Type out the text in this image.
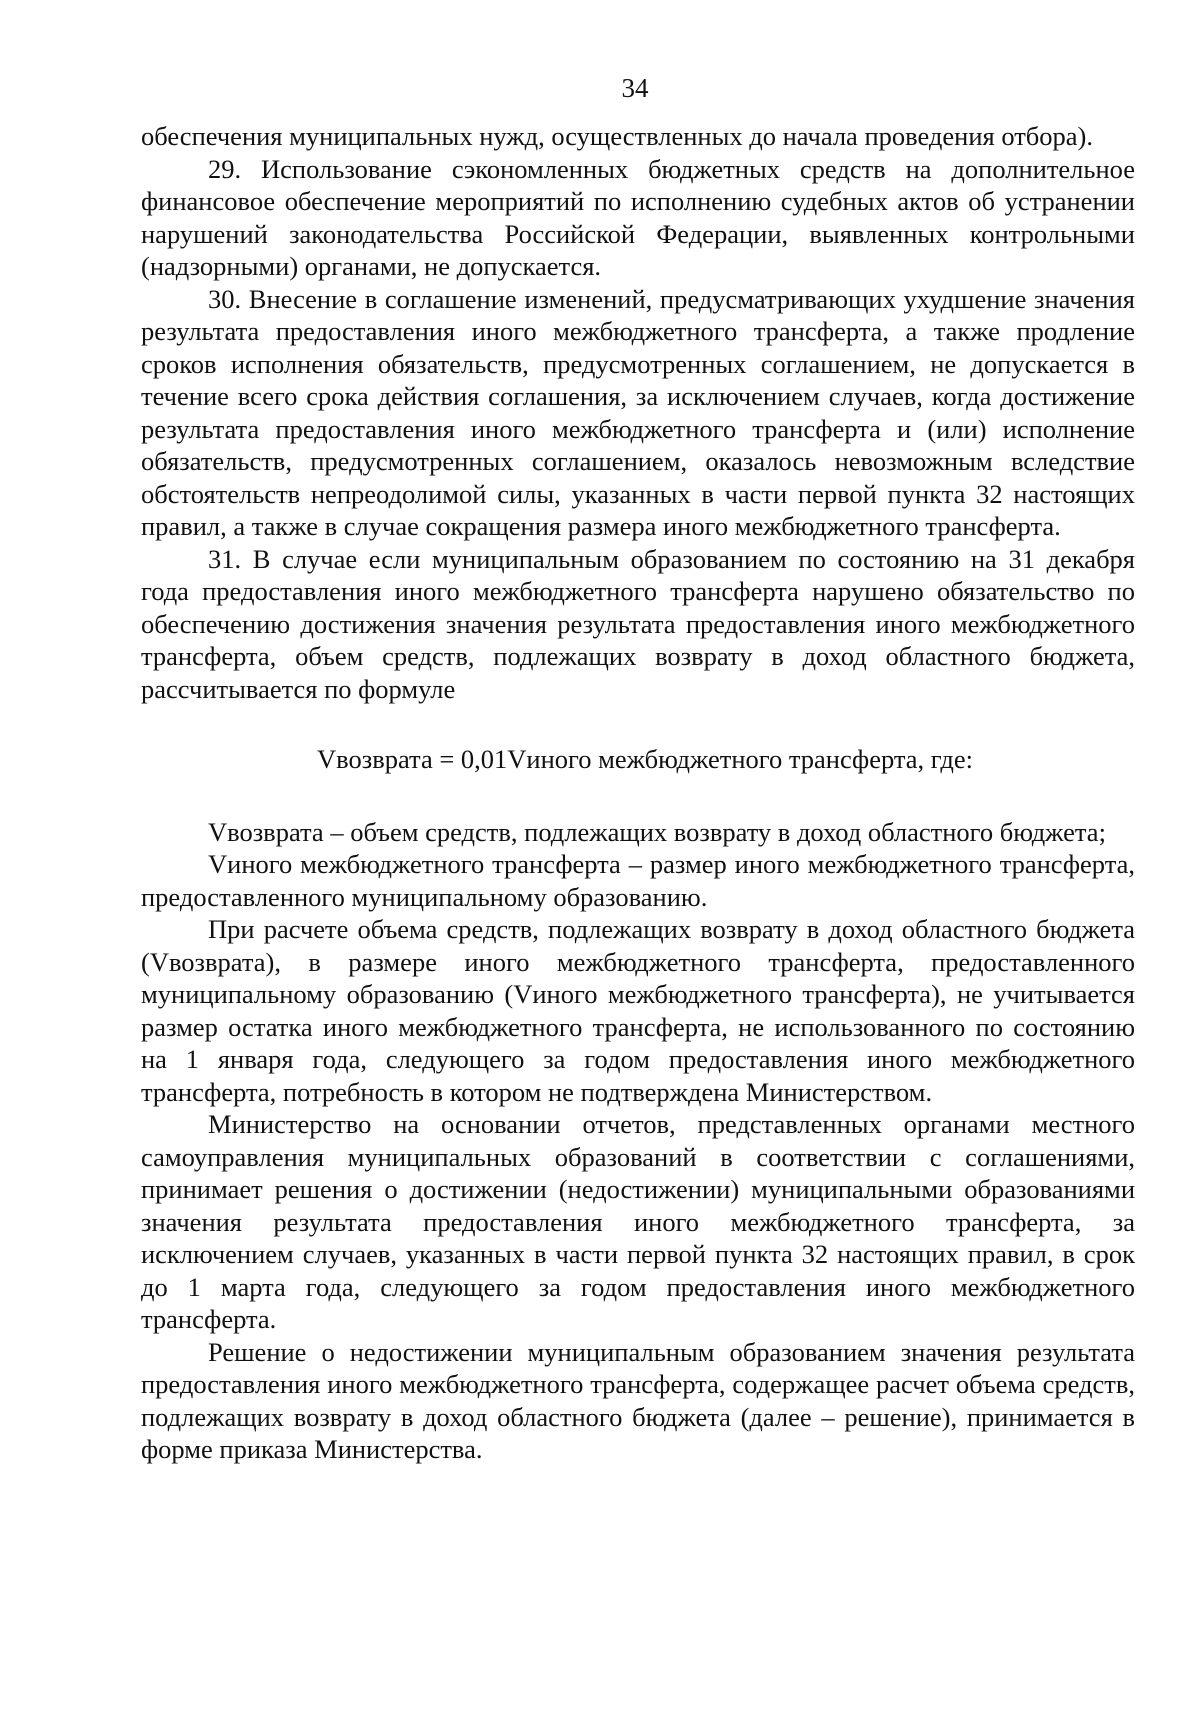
34

обеспечения муниципальных нужд, осуществленных до начала проведения отбора).

29. Использование сэкономленных бюджетных средств на дополнительное финансовое обеспечение мероприятий по исполнению судебных актов об устранении нарушений законодательства Российской Федерации, выявленных контрольными (надзорными) органами, не допускается.

30. Внесение в соглашение изменений, предусматривающих ухудшение значения результата предоставления иного межбюджетного трансферта, а также продление сроков исполнения обязательств, предусмотренных соглашением, не допускается в течение всего срока действия соглашения, за исключением случаев, когда достижение результата предоставления иного межбюджетного трансферта и (или) исполнение обязательств, предусмотренных соглашением, оказалось невозможным вследствие обстоятельств непреодолимой силы, указанных в части первой пункта 32 настоящих правил, а также в случае сокращения размера иного межбюджетного трансферта.

31. В случае если муниципальным образованием по состоянию на 31 декабря года предоставления иного межбюджетного трансферта нарушено обязательство по обеспечению достижения значения результата предоставления иного межбюджетного трансферта, объем средств, подлежащих возврату в доход областного бюджета, рассчитывается по формуле

Vвозврата = 0,01Vиного межбюджетного трансферта, где:

Vвозврата – объем средств, подлежащих возврату в доход областного бюджета;

Vиного межбюджетного трансферта – размер иного межбюджетного трансферта, предоставленного муниципальному образованию.

При расчете объема средств, подлежащих возврату в доход областного бюджета (Vвозврата), в размере иного межбюджетного трансферта, предоставленного муниципальному образованию (Vиного межбюджетного трансферта), не учитывается размер остатка иного межбюджетного трансферта, не использованного по состоянию на 1 января года, следующего за годом предоставления иного межбюджетного трансферта, потребность в котором не подтверждена Министерством.

Министерство на основании отчетов, представленных органами местного самоуправления муниципальных образований в соответствии с соглашениями, принимает решения о достижении (недостижении) муниципальными образованиями значения результата предоставления иного межбюджетного трансферта, за исключением случаев, указанных в части первой пункта 32 настоящих правил, в срок до 1 марта года, следующего за годом предоставления иного межбюджетного трансферта.

Решение о недостижении муниципальным образованием значения результата предоставления иного межбюджетного трансферта, содержащее расчет объема средств, подлежащих возврату в доход областного бюджета (далее – решение), принимается в форме приказа Министерства.
